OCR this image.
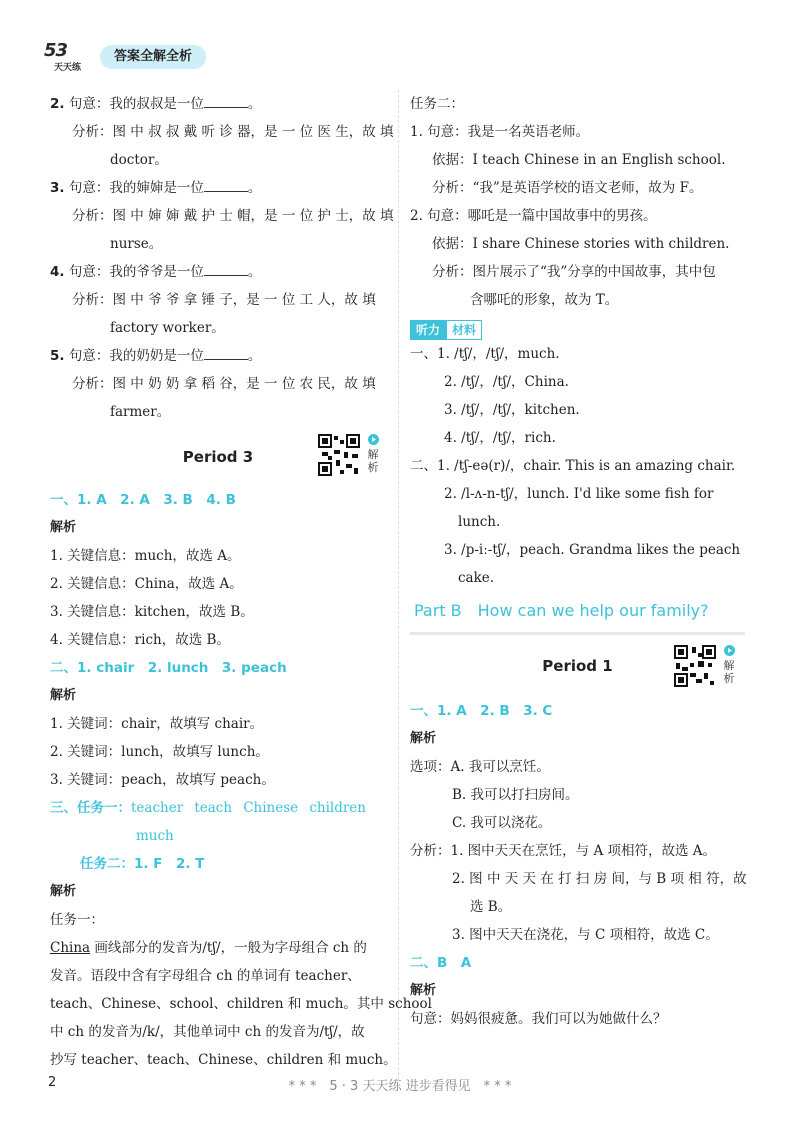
53
天天练
答案全解全析
2. 句意：我的叔叔是一位	。
分析：图 中 叔 叔 戴 听 诊 器，是 一 位 医 生，故 填
doctor。
3. 句意：我的婶婶是一位	。
分析：图 中 婶 婶 戴 护 士 帽，是 一 位 护 士，故 填
nurse。
4. 句意：我的爷爷是一位	。
分析：图 中 爷 爷 拿 锤 子，是 一 位 工 人，故 填
factory worker。
5. 句意：我的奶奶是一位	。
分析：图 中 奶 奶 拿 稻 谷，是 一 位 农 民，故 填
farmer。
Period 3	解析
一、1. A　2. A　3. B　4. B
解析
1. 关键信息：much，故选 A。
2. 关键信息：China，故选 A。
3. 关键信息：kitchen，故选 B。
4. 关键信息：rich，故选 B。
二、1. chair　2. lunch　3. peach
解析
1. 关键词：chair，故填写 chair。
2. 关键词：lunch，故填写 lunch。
3. 关键词：peach，故填写 peach。
三、任务一： teacher teach Chinese children
much
任务二：1. F　2. T
解析
任务一：
China 画线部分的发音为/tʃ/，一般为字母组合 ch 的
发音。语段中含有字母组合 ch 的单词有 teacher、
teach、Chinese、school、children 和 much。其中 school
中 ch 的发音为/k/，其他单词中 ch 的发音为/tʃ/，故
抄写 teacher、teach、Chinese、children 和 much。
任务二：
1. 句意：我是一名英语老师。
依据：I teach Chinese in an English school.
分析：“我”是英语学校的语文老师，故为 F。
2. 句意：哪吒是一篇中国故事中的男孩。
依据：I share Chinese stories with children.
分析：图片展示了“我”分享的中国故事，其中包
含哪吒的形象，故为 T。
听力	材料
一、1. /tʃ/，/tʃ/，much.
2. /tʃ/，/tʃ/，China.
3. /tʃ/，/tʃ/，kitchen.
4. /tʃ/，/tʃ/，rich.
二、1. /tʃ-eə(r)/，chair. This is an amazing chair.
2. /l-ʌ-n-tʃ/，lunch. I'd like some fish for
lunch.
3. /p-iː-tʃ/，peach. Grandma likes the peach
cake.
Part B　How can we help our family?
Period 1	解析
一、1. A　2. B　3. C
解析
选项：A. 我可以烹饪。
B. 我可以打扫房间。
C. 我可以浇花。
分析：1. 图中天天在烹饪，与 A 项相符，故选 A。
2. 图 中 天 天 在 打 扫 房 间，与 B 项 相 符，故
选 B。
3. 图中天天在浇花，与 C 项相符，故选 C。
二、B　A
解析
句意：妈妈很疲惫。我们可以为她做什么？
2	* * *　5 · 3 天天练 进步看得见　* * *
